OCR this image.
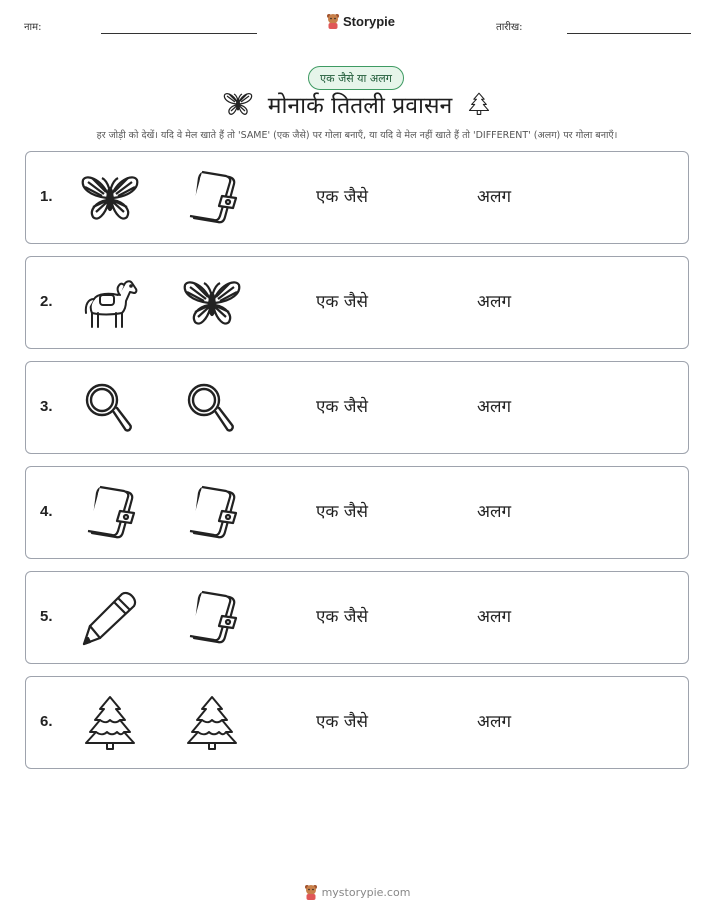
नाम:	Storypie	तारीख:
एक जैसे या अलग
मोनार्क तितली प्रवासन
हर जोड़ी को देखें। यदि वे मेल खाते हैं तो 'SAME' (एक जैसे) पर गोला बनाएँ, या यदि वे मेल नहीं खाते हैं तो 'DIFFERENT' (अलग) पर गोला बनाएँ।
1.	एक जैसे	अलग
2.	एक जैसे	अलग
3.	एक जैसे	अलग
4.	एक जैसे	अलग
5.	एक जैसे	अलग
6.	एक जैसे	अलग
mystorypie.com
